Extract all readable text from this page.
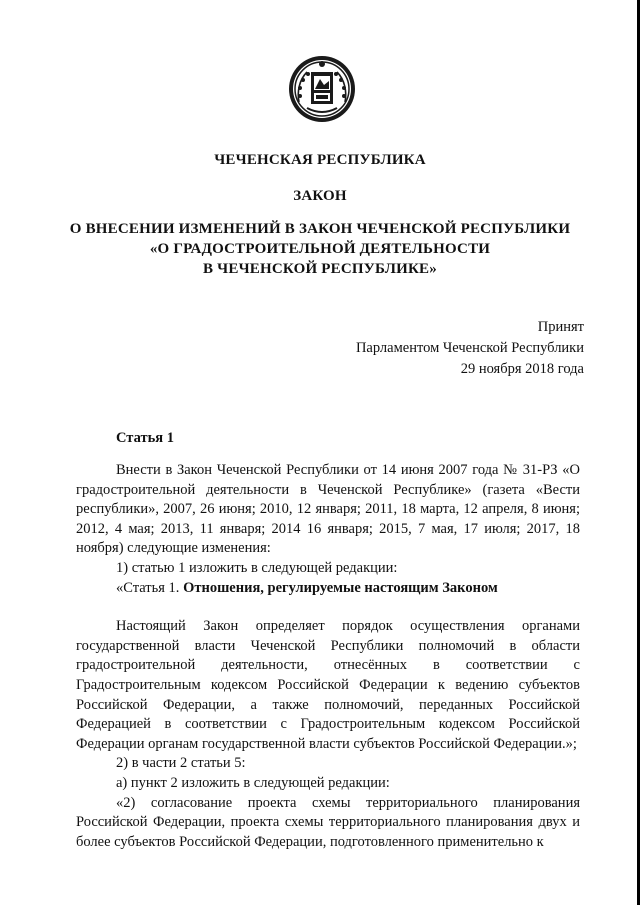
ЧЕЧЕНСКАЯ РЕСПУБЛИКА
ЗАКОН
О ВНЕСЕНИИ ИЗМЕНЕНИЙ В ЗАКОН ЧЕЧЕНСКОЙ РЕСПУБЛИКИ
«О ГРАДОСТРОИТЕЛЬНОЙ ДЕЯТЕЛЬНОСТИ
В ЧЕЧЕНСКОЙ РЕСПУБЛИКЕ»
Принят
Парламентом Чеченской Республики
29 ноября 2018 года
Статья 1

Внести в Закон Чеченской Республики от 14 июня 2007 года № 31-РЗ «О градостроительной деятельности в Чеченской Республике» (газета «Вести республики», 2007, 26 июня; 2010, 12 января; 2011, 18 марта, 12 апреля, 8 июня; 2012, 4 мая; 2013, 11 января; 2014 16 января; 2015, 7 мая, 17 июля; 2017, 18 ноября) следующие изменения:

1) статью 1 изложить в следующей редакции:

«Статья 1. Отношения, регулируемые настоящим Законом

Настоящий Закон определяет порядок осуществления органами государственной власти Чеченской Республики полномочий в области градостроительной деятельности, отнесённых в соответствии с Градостроительным кодексом Российской Федерации к ведению субъектов Российской Федерации, а также полномочий, переданных Российской Федерацией в соответствии с Градостроительным кодексом Российской Федерации органам государственной власти субъектов Российской Федерации.»;

2) в части 2 статьи 5:

а) пункт 2 изложить в следующей редакции:

«2) согласование проекта схемы территориального планирования Российской Федерации, проекта схемы территориального планирования двух и более субъектов Российской Федерации, подготовленного применительно к
